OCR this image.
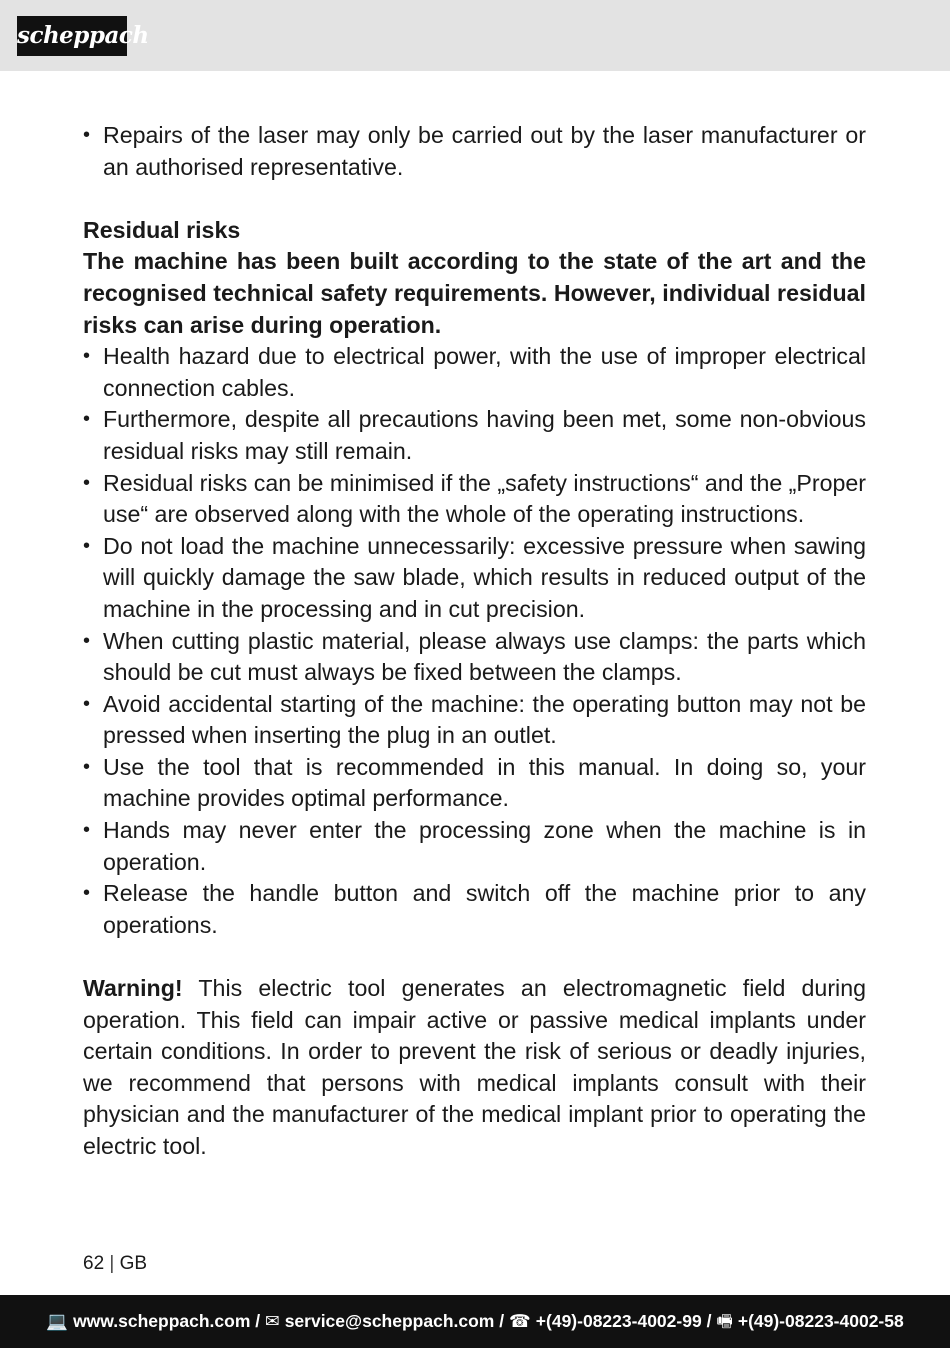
scheppach
• Repairs of the laser may only be carried out by the laser manufacturer or an authorised representative.
Residual risks
The machine has been built according to the state of the art and the recognised technical safety requirements. However, individual residual risks can arise during operation.
• Health hazard due to electrical power, with the use of improper electrical connection cables.
• Furthermore, despite all precautions having been met, some non-obvious residual risks may still remain.
• Residual risks can be minimised if the „safety instructions“ and the „Proper use“ are observed along with the whole of the operating instructions.
• Do not load the machine unnecessarily: excessive pressure when sawing will quickly damage the saw blade, which results in reduced output of the machine in the processing and in cut precision.
• When cutting plastic material, please always use clamps: the parts which should be cut must always be fixed between the clamps.
• Avoid accidental starting of the machine: the operating button may not be pressed when inserting the plug in an outlet.
• Use the tool that is recommended in this manual. In doing so, your machine provides optimal performance.
• Hands may never enter the processing zone when the machine is in operation.
• Release the handle button and switch off the machine prior to any operations.
Warning! This electric tool generates an electromagnetic field during operation. This field can impair active or passive medical implants under certain conditions. In order to prevent the risk of serious or deadly injuries, we recommend that persons with medical implants consult with their physician and the manufacturer of the medical implant prior to operating the electric tool.
62 | GB
💻 www.scheppach.com / ✉ service@scheppach.com / ☎ +(49)-08223-4002-99 / 🖷 +(49)-08223-4002-58
